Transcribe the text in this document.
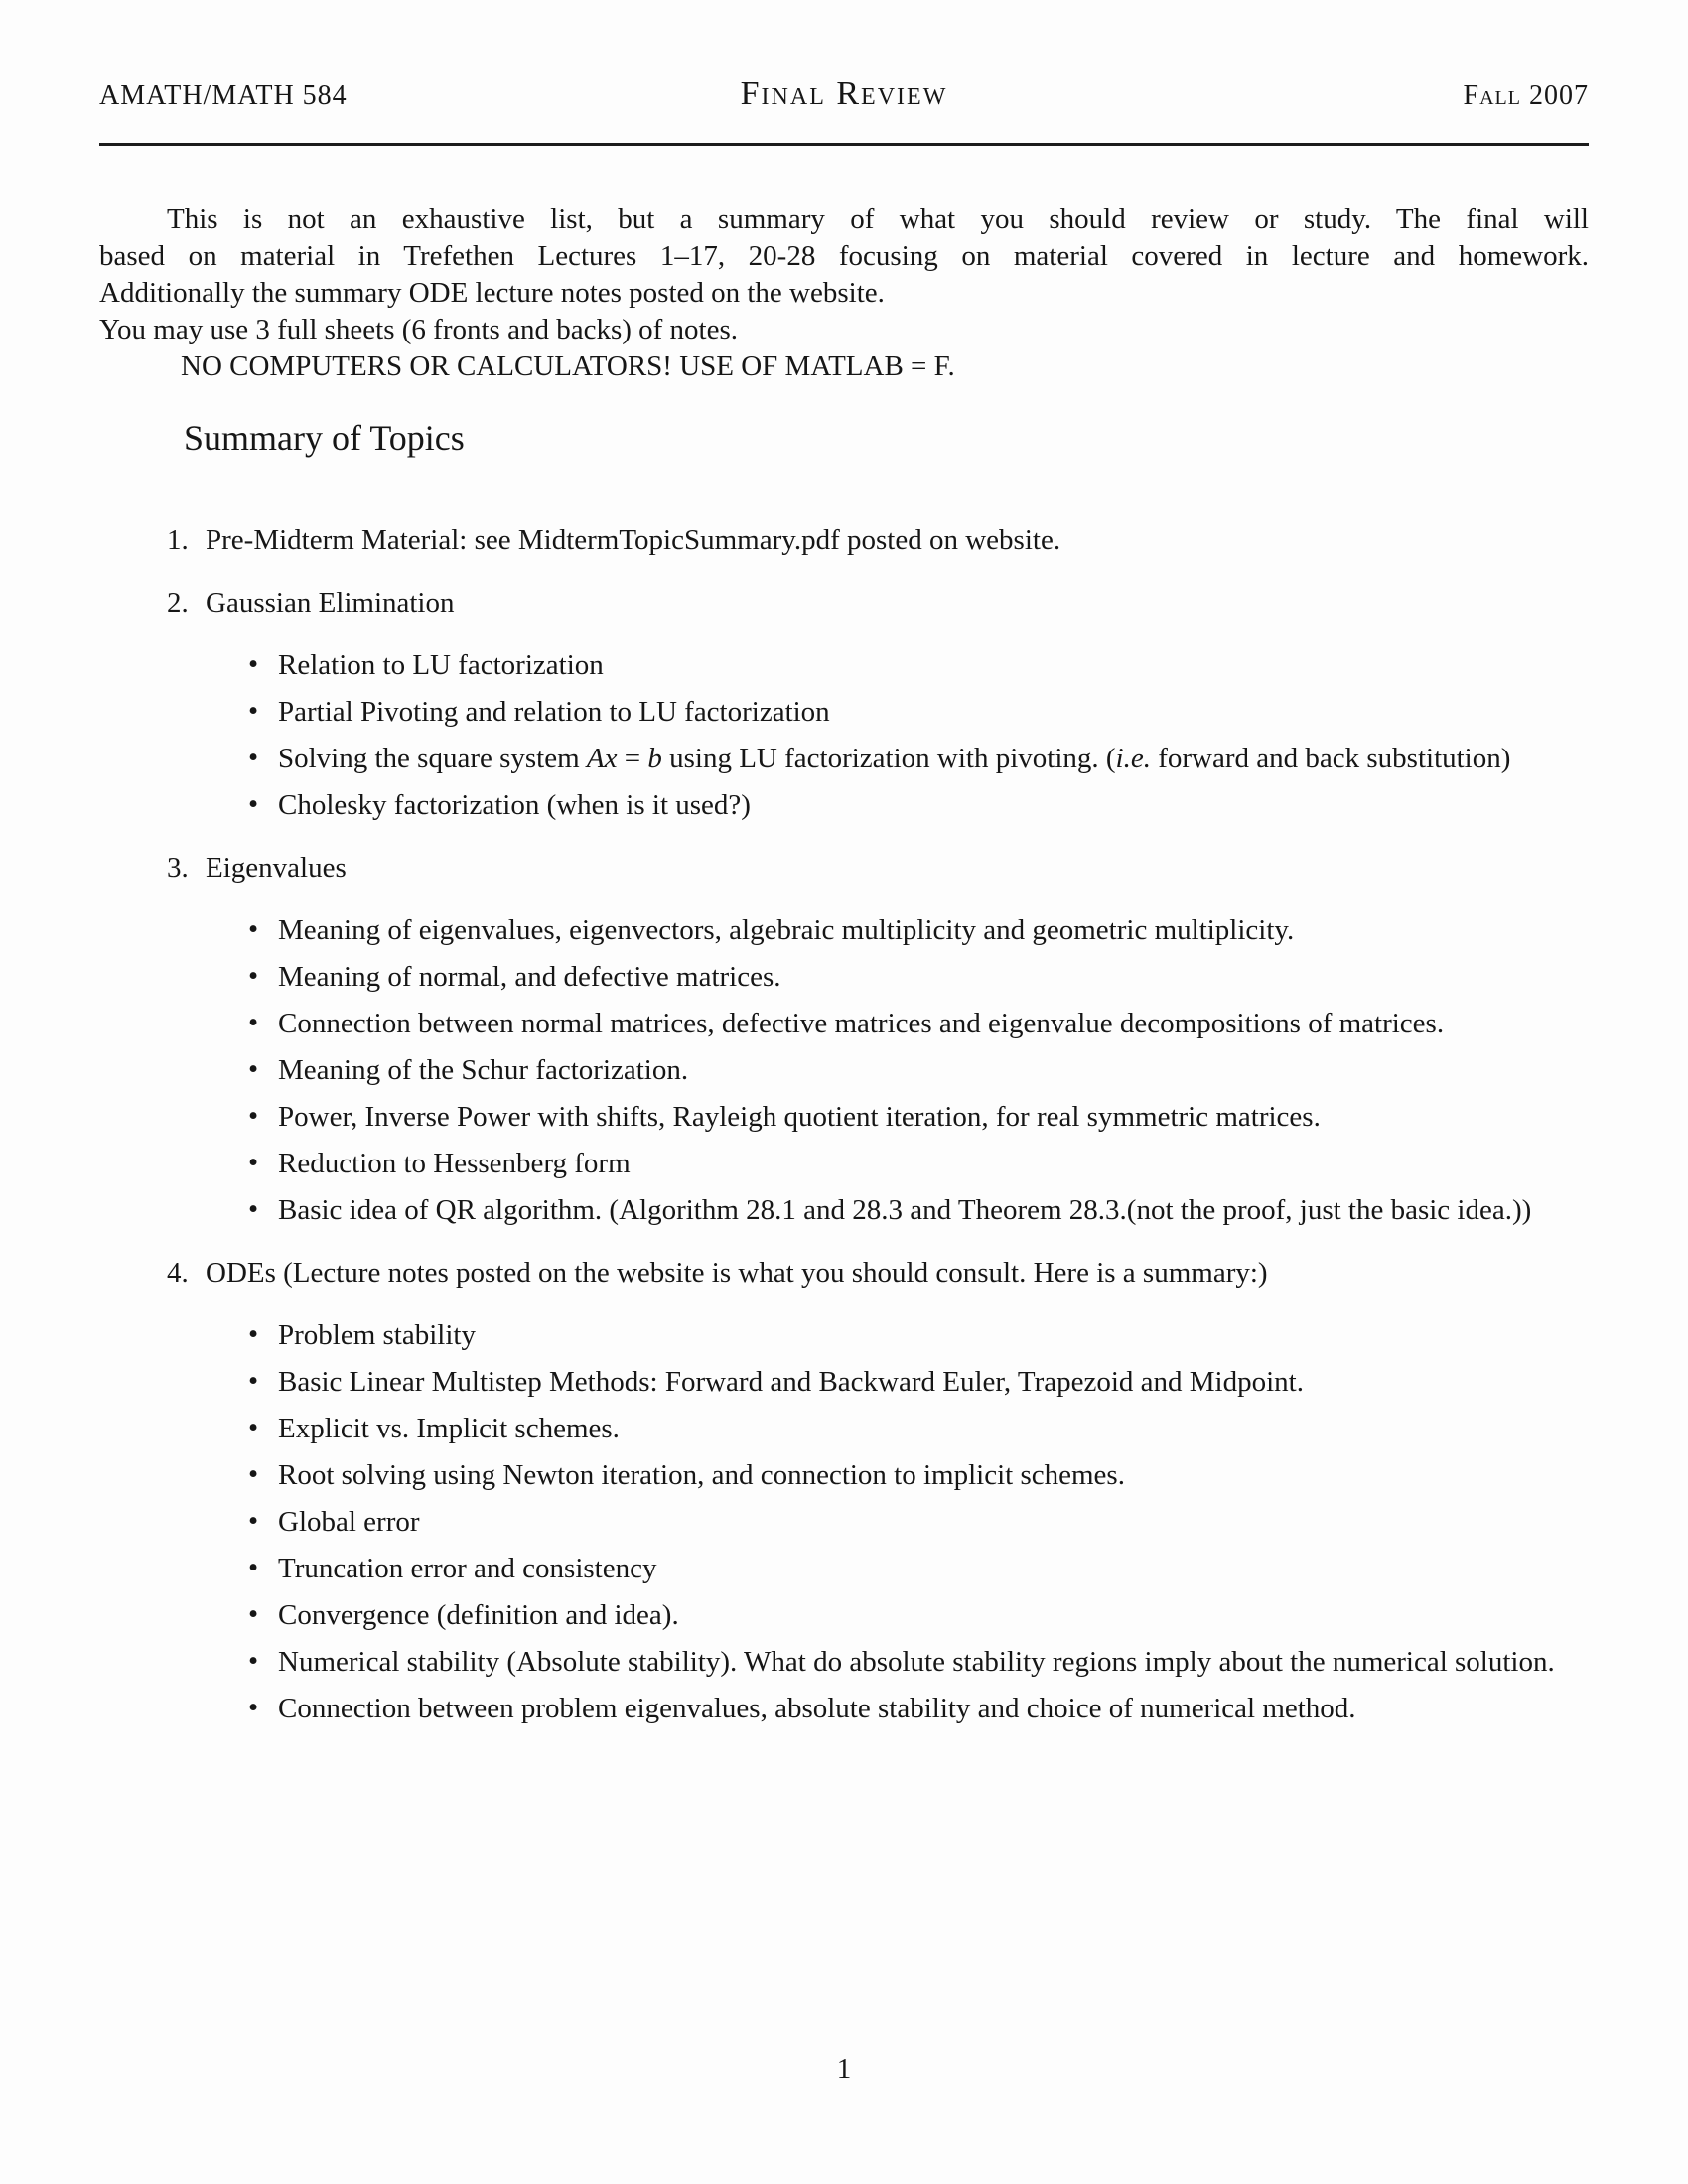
AMATH/MATH 584	Final Review	Fall 2007
This is not an exhaustive list, but a summary of what you should review or study. The final will
based on material in Trefethen Lectures 1–17, 20-28 focusing on material covered in lecture and homework.
Additionally the summary ODE lecture notes posted on the website.
You may use 3 full sheets (6 fronts and backs) of notes.
NO COMPUTERS OR CALCULATORS! USE OF MATLAB = F.
Summary of Topics
1. Pre-Midterm Material: see MidtermTopicSummary.pdf posted on website.
2. Gaussian Elimination
• Relation to LU factorization
• Partial Pivoting and relation to LU factorization
• Solving the square system Ax = b using LU factorization with pivoting. (i.e. forward and back substitution)
• Cholesky factorization (when is it used?)
3. Eigenvalues
• Meaning of eigenvalues, eigenvectors, algebraic multiplicity and geometric multiplicity.
• Meaning of normal, and defective matrices.
• Connection between normal matrices, defective matrices and eigenvalue decompositions of matrices.
• Meaning of the Schur factorization.
• Power, Inverse Power with shifts, Rayleigh quotient iteration, for real symmetric matrices.
• Reduction to Hessenberg form
• Basic idea of QR algorithm. (Algorithm 28.1 and 28.3 and Theorem 28.3.(not the proof, just the basic idea.))
4. ODEs (Lecture notes posted on the website is what you should consult. Here is a summary:)
• Problem stability
• Basic Linear Multistep Methods: Forward and Backward Euler, Trapezoid and Midpoint.
• Explicit vs. Implicit schemes.
• Root solving using Newton iteration, and connection to implicit schemes.
• Global error
• Truncation error and consistency
• Convergence (definition and idea).
• Numerical stability (Absolute stability). What do absolute stability regions imply about the numerical solution.
• Connection between problem eigenvalues, absolute stability and choice of numerical method.
1
